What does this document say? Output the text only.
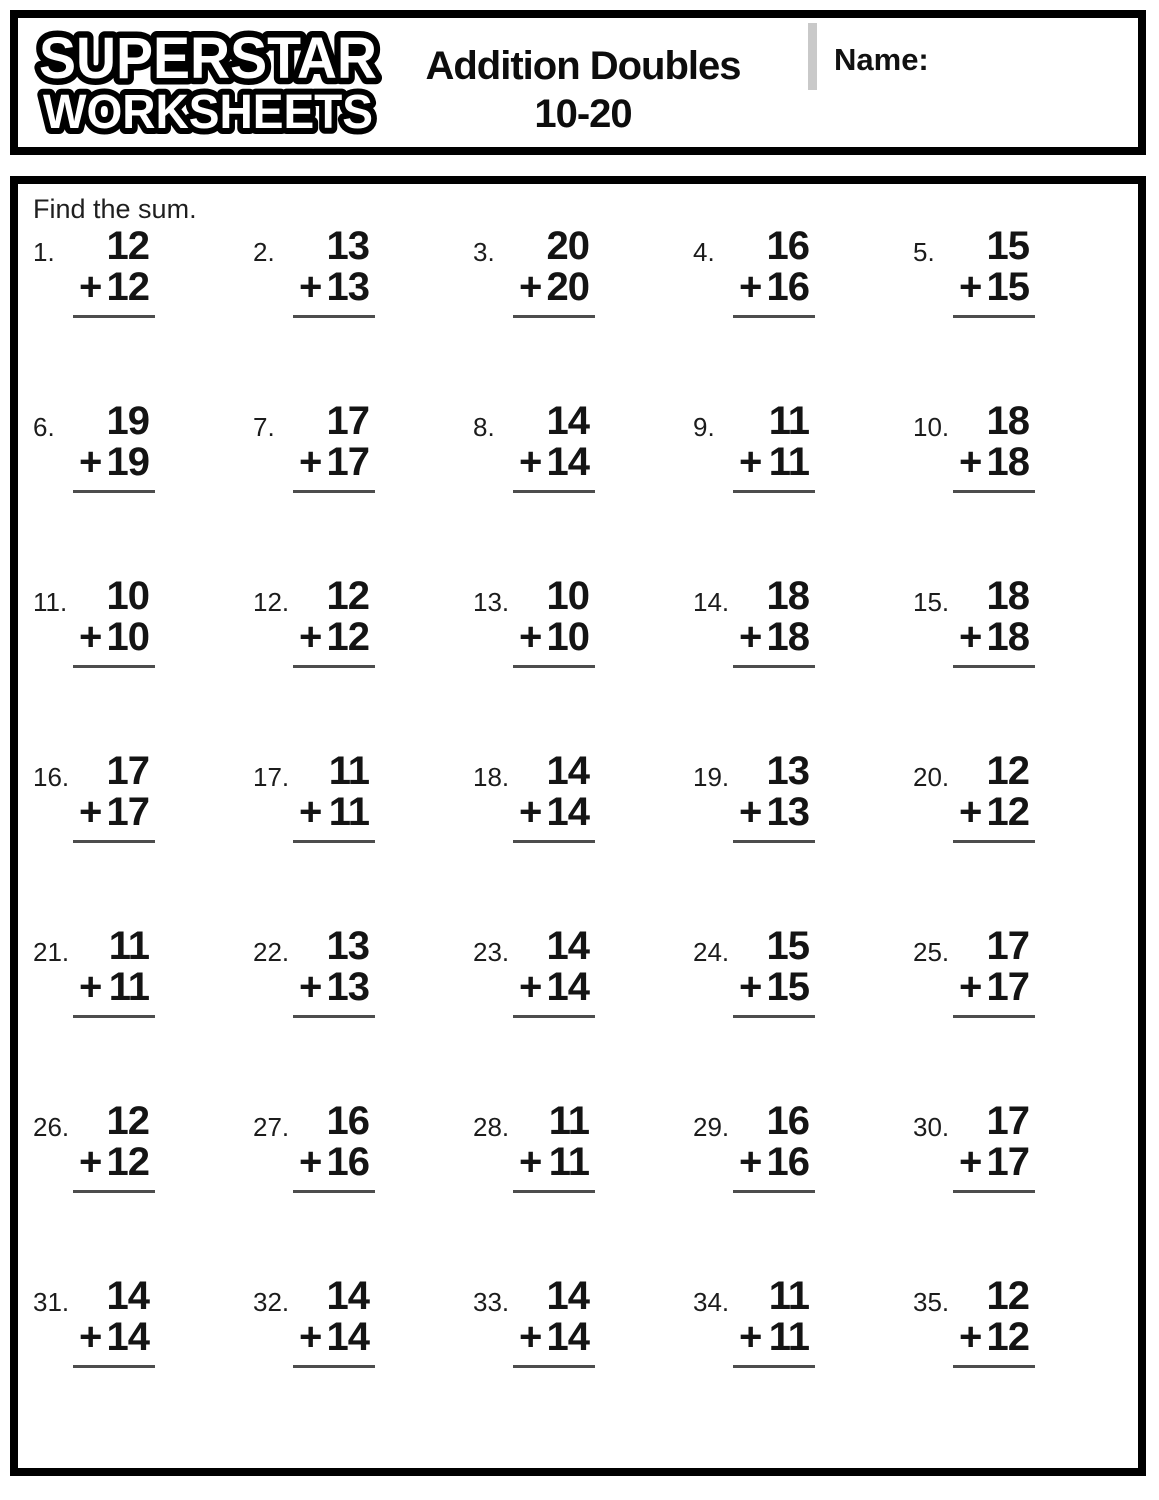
SUPERSTAR
WORKSHEETS
Addition Doubles
10-20
Name:
Find the sum.
1.	12
+ 12
2.	13
+ 13
3.	20
+ 20
4.	16
+ 16
5.	15
+ 15
6.	19
+ 19
7.	17
+ 17
8.	14
+ 14
9.	11
+ 11
10. 18
+ 18
11. 10
+ 10
12. 12
+ 12
13. 10
+ 10
14. 18
+ 18
15. 18
+ 18
16. 17
+ 17
17. 11
+ 11
18. 14
+ 14
19. 13
+ 13
20. 12
+ 12
21. 11
+ 11
22. 13
+ 13
23. 14
+ 14
24. 15
+ 15
25. 17
+ 17
26. 12
+ 12
27. 16
+ 16
28. 11
+ 11
29. 16
+ 16
30. 17
+ 17
31. 14
+ 14
32. 14
+ 14
33. 14
+ 14
34. 11
+ 11
35. 12
+ 12
